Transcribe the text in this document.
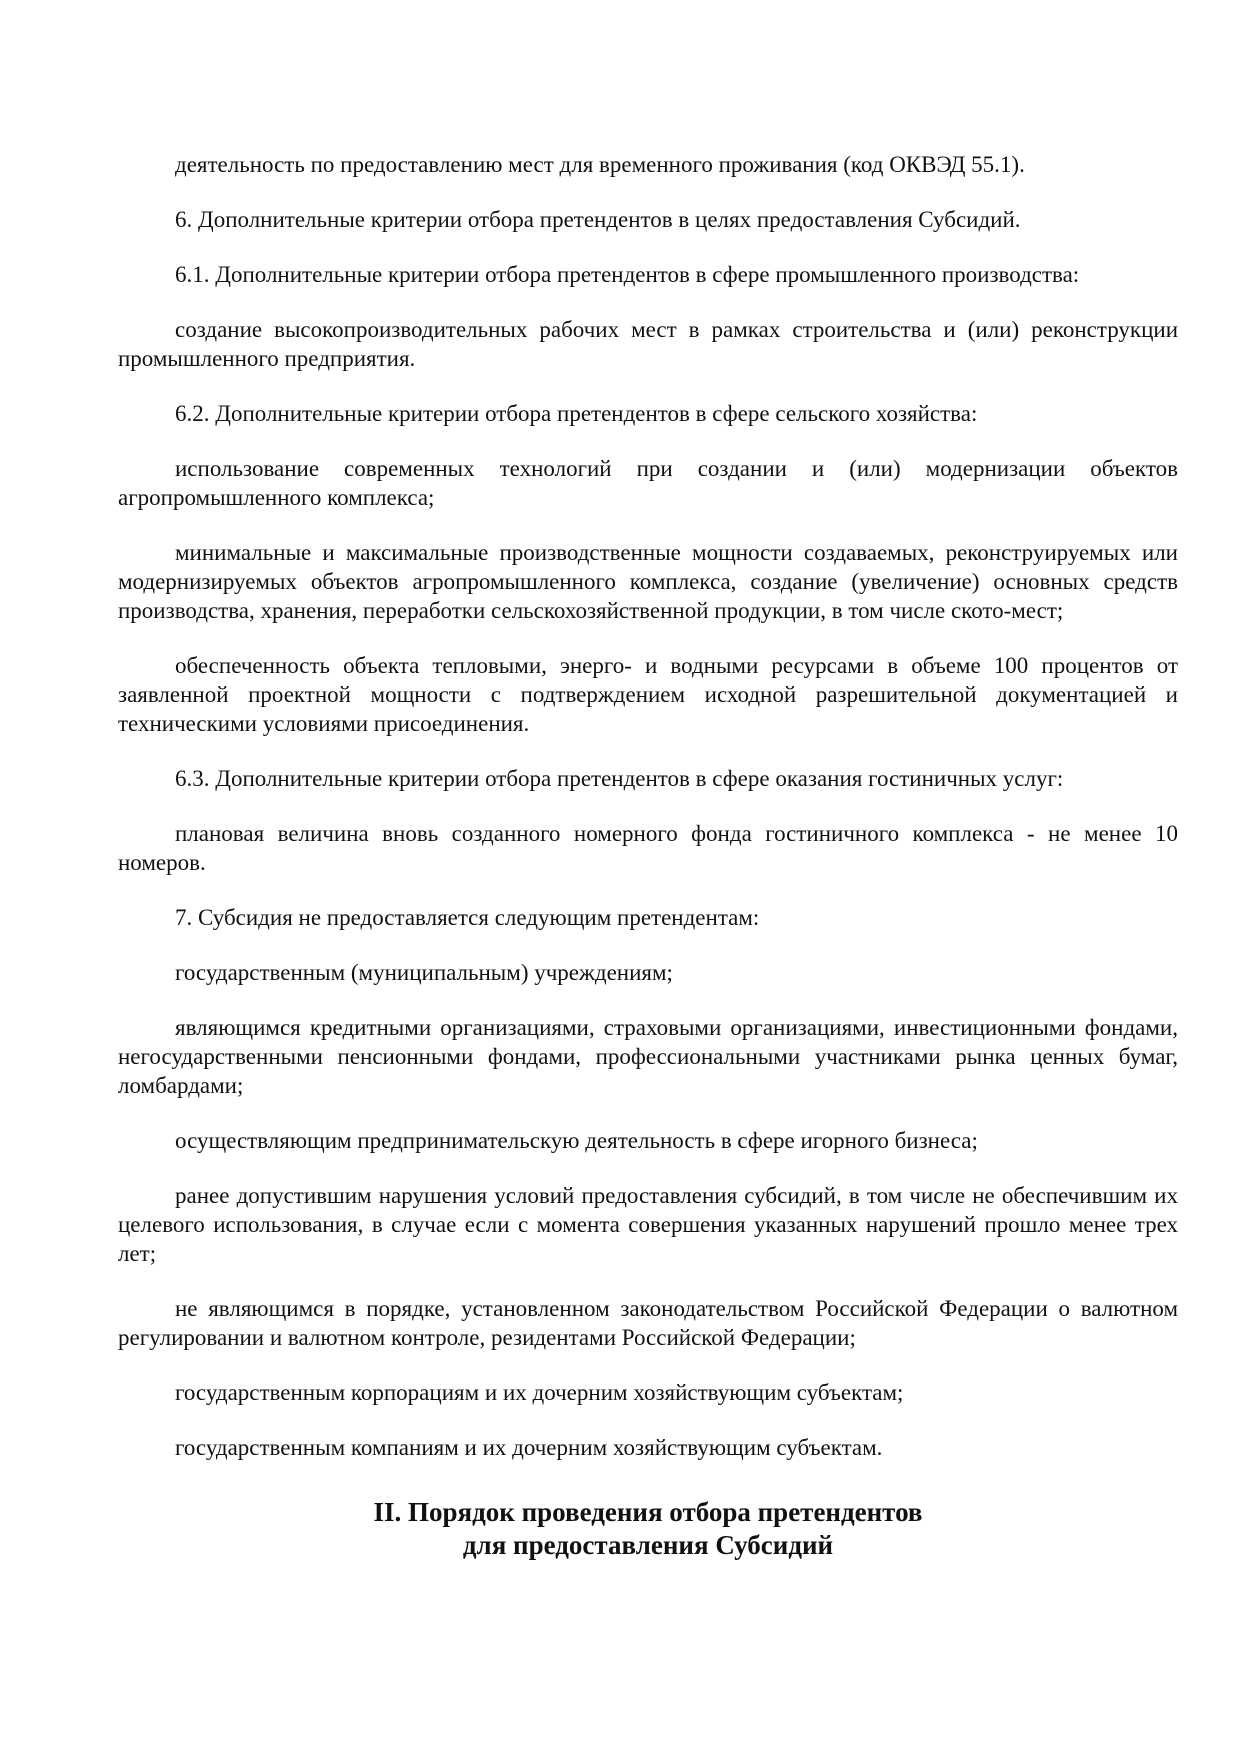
деятельность по предоставлению мест для временного проживания (код ОКВЭД 55.1).

6. Дополнительные критерии отбора претендентов в целях предоставления Субсидий.

6.1. Дополнительные критерии отбора претендентов в сфере промышленного производства:

создание высокопроизводительных рабочих мест в рамках строительства и (или) реконструкции промышленного предприятия.

6.2. Дополнительные критерии отбора претендентов в сфере сельского хозяйства:

использование современных технологий при создании и (или) модернизации объектов агропромышленного комплекса;

минимальные и максимальные производственные мощности создаваемых, реконструируемых или модернизируемых объектов агропромышленного комплекса, создание (увеличение) основных средств производства, хранения, переработки сельскохозяйственной продукции, в том числе ското-мест;

обеспеченность объекта тепловыми, энерго- и водными ресурсами в объеме 100 процентов от заявленной проектной мощности с подтверждением исходной разрешительной документацией и техническими условиями присоединения.

6.3. Дополнительные критерии отбора претендентов в сфере оказания гостиничных услуг:

плановая величина вновь созданного номерного фонда гостиничного комплекса - не менее 10 номеров.

7. Субсидия не предоставляется следующим претендентам:

государственным (муниципальным) учреждениям;

являющимся кредитными организациями, страховыми организациями, инвестиционными фондами, негосударственными пенсионными фондами, профессиональными участниками рынка ценных бумаг, ломбардами;

осуществляющим предпринимательскую деятельность в сфере игорного бизнеса;

ранее допустившим нарушения условий предоставления субсидий, в том числе не обеспечившим их целевого использования, в случае если с момента совершения указанных нарушений прошло менее трех лет;

не являющимся в порядке, установленном законодательством Российской Федерации о валютном регулировании и валютном контроле, резидентами Российской Федерации;

государственным корпорациям и их дочерним хозяйствующим субъектам;

государственным компаниям и их дочерним хозяйствующим субъектам.

II. Порядок проведения отбора претендентов
для предоставления Субсидий
